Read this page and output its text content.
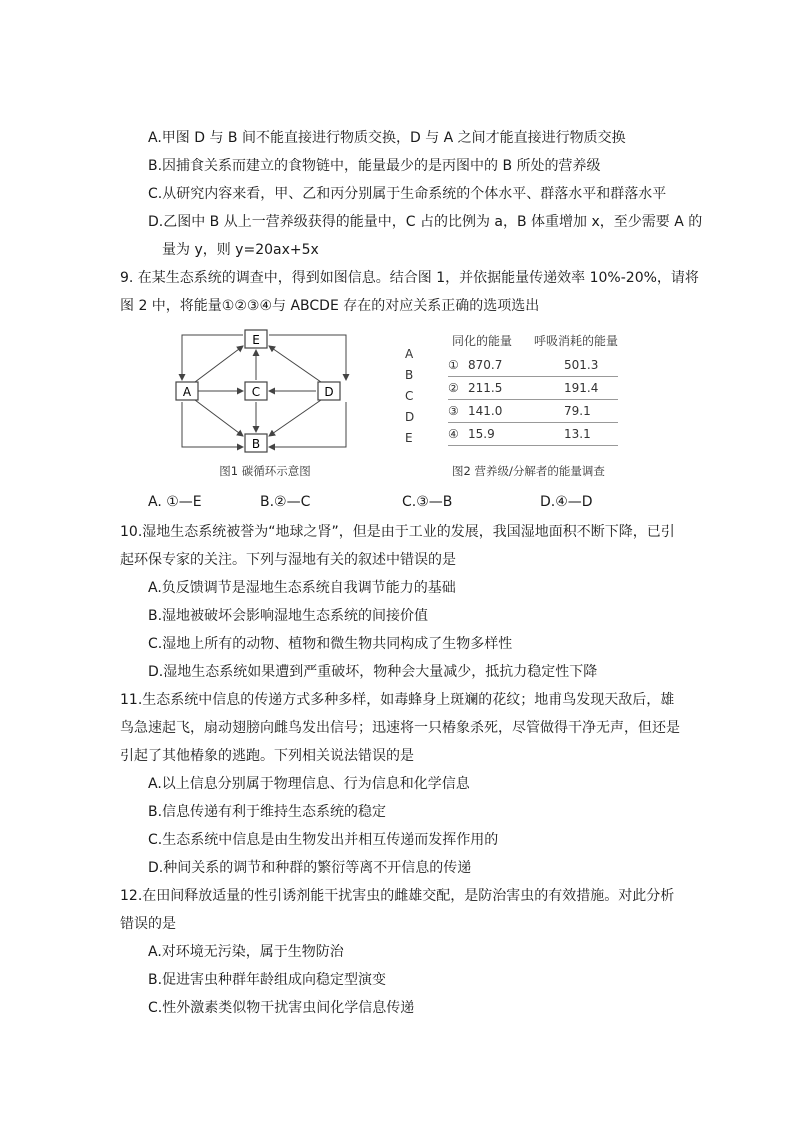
A.甲图 D 与 B 间不能直接进行物质交换，D 与 A 之间才能直接进行物质交换
B.因捕食关系而建立的食物链中，能量最少的是丙图中的 B 所处的营养级
C.从研究内容来看，甲、乙和丙分别属于生命系统的个体水平、群落水平和群落水平
D.乙图中 B 从上一营养级获得的能量中，C 占的比例为 a，B 体重增加 x，至少需要 A 的
量为 y，则 y=20ax+5x
9. 在某生态系统的调查中，得到如图信息。结合图 1，并依据能量传递效率 10%-20%，请将
图 2 中，将能量①②③④与 ABCDE 存在的对应关系正确的选项选出
E
A	C	D
B
图1 碳循环示意图
A
B
C
D
E
同化的能量 呼吸消耗的能量
① 870.7	501.3
② 211.5	191.4
③ 141.0	79.1
④ 15.9	13.1
图2 营养级/分解者的能量调查
A. ①—E	B.②—C	C.③—B	D.④—D
10.湿地生态系统被誉为“地球之肾”，但是由于工业的发展，我国湿地面积不断下降，已引
起环保专家的关注。下列与湿地有关的叙述中错误的是
A.负反馈调节是湿地生态系统自我调节能力的基础
B.湿地被破坏会影响湿地生态系统的间接价值
C.湿地上所有的动物、植物和微生物共同构成了生物多样性
D.湿地生态系统如果遭到严重破坏，物种会大量减少，抵抗力稳定性下降
11.生态系统中信息的传递方式多种多样，如毒蜂身上斑斓的花纹；地甫鸟发现天敌后，雄
鸟急速起飞，扇动翅膀向雌鸟发出信号；迅速将一只椿象杀死，尽管做得干净无声，但还是
引起了其他椿象的逃跑。下列相关说法错误的是
A.以上信息分别属于物理信息、行为信息和化学信息
B.信息传递有利于维持生态系统的稳定
C.生态系统中信息是由生物发出并相互传递而发挥作用的
D.种间关系的调节和种群的繁衍等离不开信息的传递
12.在田间释放适量的性引诱剂能干扰害虫的雌雄交配，是防治害虫的有效措施。对此分析
错误的是
A.对环境无污染，属于生物防治
B.促进害虫种群年龄组成向稳定型演变
C.性外激素类似物干扰害虫间化学信息传递
